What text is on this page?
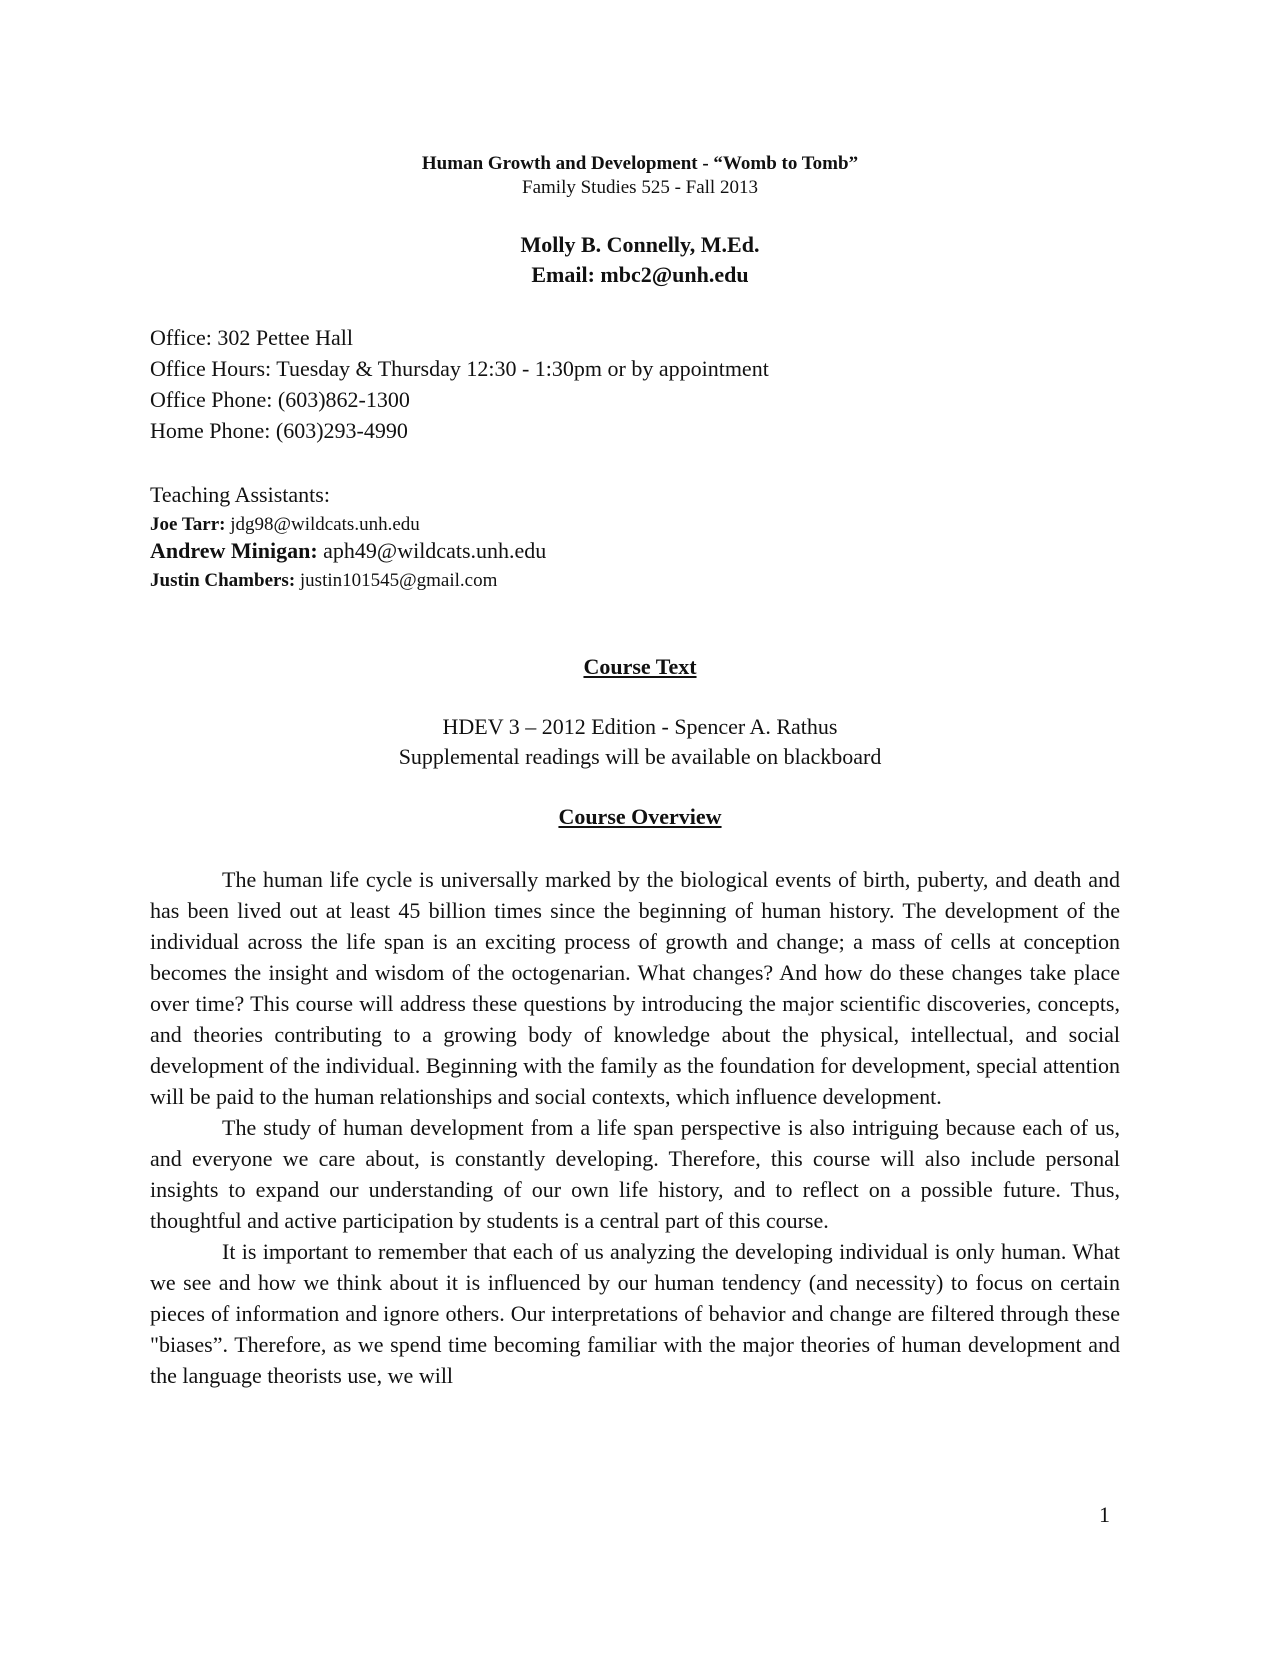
Human Growth and Development - “Womb to Tomb”
Family Studies 525 - Fall 2013
Molly B. Connelly, M.Ed.
Email: mbc2@unh.edu
Office: 302 Pettee Hall
Office Hours: Tuesday & Thursday 12:30 - 1:30pm or by appointment
Office Phone: (603)862-1300
Home Phone: (603)293-4990
Teaching Assistants:
Joe Tarr: jdg98@wildcats.unh.edu
Andrew Minigan: aph49@wildcats.unh.edu
Justin Chambers: justin101545@gmail.com
Course Text
HDEV 3 – 2012 Edition - Spencer A. Rathus
Supplemental readings will be available on blackboard
Course Overview

The human life cycle is universally marked by the biological events of birth, puberty, and death and has been lived out at least 45 billion times since the beginning of human history. The development of the individual across the life span is an exciting process of growth and change; a mass of cells at conception becomes the insight and wisdom of the octogenarian. What changes? And how do these changes take place over time? This course will address these questions by introducing the major scientific discoveries, concepts, and theories contributing to a growing body of knowledge about the physical, intellectual, and social development of the individual. Beginning with the family as the foundation for development, special attention will be paid to the human relationships and social contexts, which influence development.

The study of human development from a life span perspective is also intriguing because each of us, and everyone we care about, is constantly developing. Therefore, this course will also include personal insights to expand our understanding of our own life history, and to reflect on a possible future. Thus, thoughtful and active participation by students is a central part of this course.

It is important to remember that each of us analyzing the developing individual is only human. What we see and how we think about it is influenced by our human tendency (and necessity) to focus on certain pieces of information and ignore others. Our interpretations of behavior and change are filtered through these "biases”. Therefore, as we spend time becoming familiar with the major theories of human development and the language theorists use, we will

1
